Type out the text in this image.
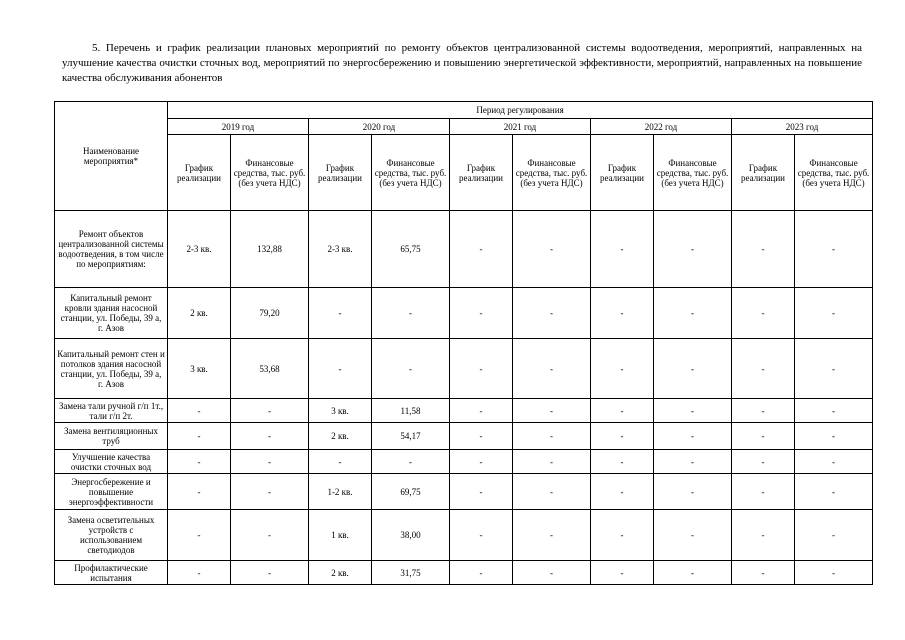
5. Перечень и график реализации плановых мероприятий по ремонту объектов централизованной системы водоотведения, мероприятий, направленных на улучшение качества очистки сточных вод, мероприятий по энергосбережению и повышению энергетической эффективности, мероприятий, направленных на повышение качества обслуживания абонентов
Наименование мероприятия*	Период регулирования									
	2019 год		2020 год		2021 год		2022 год		2023 год	
	График реализации	Финансовые средства, тыс. руб. (без учета НДС)	График реализации	Финансовые средства, тыс. руб. (без учета НДС)	График реализации	Финансовые средства, тыс. руб. (без учета НДС)	График реализации	Финансовые средства, тыс. руб. (без учета НДС)	График реализации	Финансовые средства, тыс. руб. (без учета НДС)
Ремонт объектов централизованной системы водоотведения, в том числе по мероприятиям:	2-3 кв.	132,88	2-3 кв.	65,75	-	-	-	-	-	-
Капитальный ремонт кровли здания насосной станции, ул. Победы, 39 а, г. Азов	2 кв.	79,20	-	-	-	-	-	-	-	-
Капитальный ремонт стен и потолков здания насосной станции, ул. Победы, 39 а, г. Азов	3 кв.	53,68	-	-	-	-	-	-	-	-
Замена тали ручной г/п 1т., тали г/п 2т.	-	-	3 кв.	11,58	-	-	-	-	-	-
Замена вентиляционных труб	-	-	2 кв.	54,17	-	-	-	-	-	-
Улучшение качества очистки сточных вод	-	-	-	-	-	-	-	-	-	-
Энергосбережение и повышение энергоэффективности	-	-	1-2 кв.	69,75	-	-	-	-	-	-
Замена осветительных устройств с использованием светодиодов	-	-	1 кв.	38,00	-	-	-	-	-	-
Профилактические испытания	-	-	2 кв.	31,75	-	-	-	-	-	-
